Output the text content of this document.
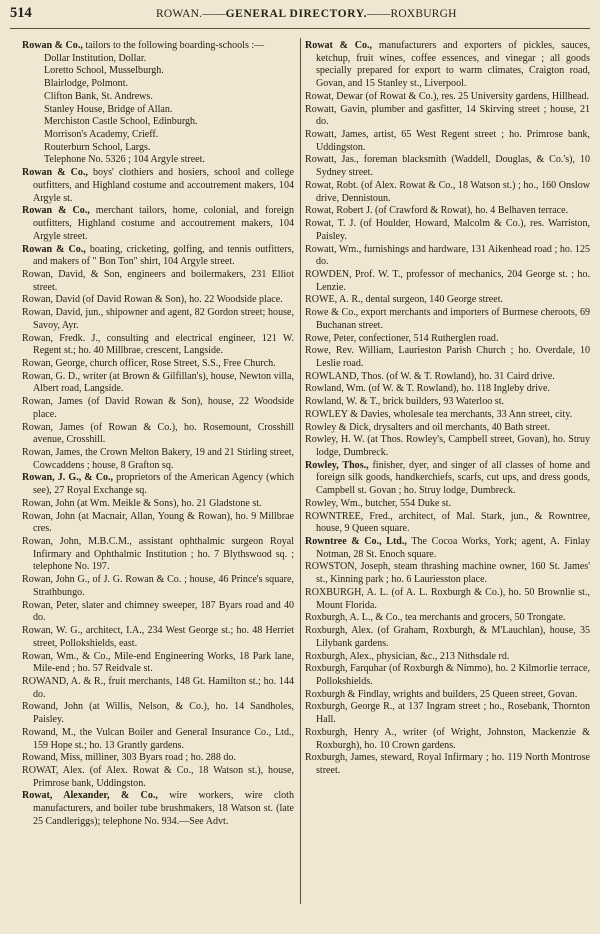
514	ROWAN.——GENERAL DIRECTORY.——ROXBURGH
Rowan & Co., tailors to the following boarding-schools :—
Dollar Institution, Dollar.
Loretto School, Musselburgh.
Blairlodge, Polmont.
Clifton Bank, St. Andrews.
Stanley House, Bridge of Allan.
Merchiston Castle School, Edinburgh.
Morrison's Academy, Crieff.
Routerburn School, Largs.
Telephone No. 5326 ; 104 Argyle street.
Rowan & Co., boys' clothiers and hosiers, school and college outfitters, and Highland costume and accoutrement makers, 104 Argyle st.
Rowan & Co., merchant tailors, home, colonial, and foreign outfitters, Highland costume and accoutrement makers, 104 Argyle street.
Rowan & Co., boating, cricketing, golfing, and tennis outfitters, and makers of " Bon Ton" shirt, 104 Argyle street.
Rowan, David, & Son, engineers and boilermakers, 231 Elliot street.
Rowan, David (of David Rowan & Son), ho. 22 Woodside place.
Rowan, David, jun., shipowner and agent, 82 Gordon street; house, Savoy, Ayr.
Rowan, Fredk. J., consulting and electrical engineer, 121 W. Regent st.; ho. 40 Millbrae, crescent, Langside.
Rowan, George, church officer, Rose Street, S.S., Free Church.
Rowan, G. D., writer (at Brown & Gilfillan's), house, Newton villa, Albert road, Langside.
Rowan, James (of David Rowan & Son), house, 22 Woodside place.
Rowan, James (of Rowan & Co.), ho. Rosemount, Crosshill avenue, Crosshill.
Rowan, James, the Crown Melton Bakery, 19 and 21 Stirling street, Cowcaddens ; house, 8 Grafton sq.
Rowan, J. G., & Co., proprietors of the American Agency (which see), 27 Royal Exchange sq.
Rowan, John (at Wm. Meikle & Sons), ho. 21 Gladstone st.
Rowan, John (at Macnair, Allan, Young & Rowan), ho. 9 Millbrae cres.
Rowan, John, M.B.C.M., assistant ophthalmic surgeon Royal Infirmary and Ophthalmic Institution ; ho. 7 Blythswood sq. ; telephone No. 197.
Rowan, John G., of J. G. Rowan & Co. ; house, 46 Prince's square, Strathbungo.
Rowan, Peter, slater and chimney sweeper, 187 Byars road and 40 do.
Rowan, W. G., architect, I.A., 234 West George st.; ho. 48 Herriet street, Pollokshields, east.
Rowan, Wm., & Co., Mile-end Engineering Works, 18 Park lane, Mile-end ; ho. 57 Reidvale st.
ROWAND, A. & R., fruit merchants, 148 Gt. Hamilton st.; ho. 144 do.
Rowand, John (at Willis, Nelson, & Co.), ho. 14 Sandholes, Paisley.
Rowand, M., the Vulcan Boiler and General Insurance Co., Ltd., 159 Hope st.; ho. 13 Grantly gardens.
Rowand, Miss, milliner, 303 Byars road ; ho. 288 do.
ROWAT, Alex. (of Alex. Rowat & Co., 18 Watson st.), house, Primrose bank, Uddingston.
Rowat, Alexander, & Co., wire workers, wire cloth manufacturers, and boiler tube brushmakers, 18 Watson st. (late 25 Candleriggs); telephone No. 934.—See Advt.
Rowat & Co., manufacturers and exporters of pickles, sauces, ketchup, fruit wines, coffee essences, and vinegar ; all goods specially prepared for export to warm climates, Craigton road, Govan, and 15 Stanley st., Liverpool.
Rowat, Dewar (of Rowat & Co.), res. 25 University gardens, Hillhead.
Rowatt, Gavin, plumber and gasfitter, 14 Skirving street ; house, 21 do.
Rowatt, James, artist, 65 West Regent street ; ho. Primrose bank, Uddingston.
Rowatt, Jas., foreman blacksmith (Waddell, Douglas, & Co.'s), 10 Sydney street.
Rowat, Robt. (of Alex. Rowat & Co., 18 Watson st.) ; ho., 160 Onslow drive, Dennistoun.
Rowat, Robert J. (of Crawford & Rowat), ho. 4 Belhaven terrace.
Rowat, T. J. (of Houlder, Howard, Malcolm & Co.), res. Warriston, Paisley.
Rowatt, Wm., furnishings and hardware, 131 Aikenhead road ; ho. 125 do.
ROWDEN, Prof. W. T., professor of mechanics, 204 George st. ; ho. Lenzie.
ROWE, A. R., dental surgeon, 140 George street.
Rowe & Co., export merchants and importers of Burmese cheroots, 69 Buchanan street.
Rowe, Peter, confectioner, 514 Rutherglen road.
Rowe, Rev. William, Laurieston Parish Church ; ho. Overdale, 10 Leslie road.
ROWLAND, Thos. (of W. & T. Rowland), ho. 31 Caird drive.
Rowland, Wm. (of W. & T. Rowland), ho. 118 Ingleby drive.
Rowland, W. & T., brick builders, 93 Waterloo st.
ROWLEY & Davies, wholesale tea merchants, 33 Ann street, city.
Rowley & Dick, drysalters and oil merchants, 40 Bath street.
Rowley, H. W. (at Thos. Rowley's, Campbell street, Govan), ho. Struy lodge, Dumbreck.
Rowley, Thos., finisher, dyer, and singer of all classes of home and foreign silk goods, handkerchiefs, scarfs, cut ups, and dress goods, Campbell st. Govan ; ho. Struy lodge, Dumbreck.
Rowley, Wm., butcher, 554 Duke st.
ROWNTREE, Fred., architect, of Mal. Stark, jun., & Rowntree, house, 9 Queen square.
Rowntree & Co., Ltd., The Cocoa Works, York; agent, A. Finlay Notman, 28 St. Enoch square.
ROWSTON, Joseph, steam thrashing machine owner, 160 St. James' st., Kinning park ; ho. 6 Lauriesston place.
ROXBURGH, A. L. (of A. L. Roxburgh & Co.), ho. 50 Brownlie st., Mount Florida.
Roxburgh, A. L., & Co., tea merchants and grocers, 50 Trongate.
Roxburgh, Alex. (of Graham, Roxburgh, & M'Lauchlan), house, 35 Lilybank gardens.
Roxburgh, Alex., physician, &c., 213 Nithsdale rd.
Roxburgh, Farquhar (of Roxburgh & Nimmo), ho. 2 Kilmorlie terrace, Pollokshields.
Roxburgh & Findlay, wrights and builders, 25 Queen street, Govan.
Roxburgh, George R., at 137 Ingram street ; ho., Rosebank, Thornton Hall.
Roxburgh, Henry A., writer (of Wright, Johnston, Mackenzie & Roxburgh), ho. 10 Crown gardens.
Roxburgh, James, steward, Royal Infirmary ; ho. 119 North Montrose street.
